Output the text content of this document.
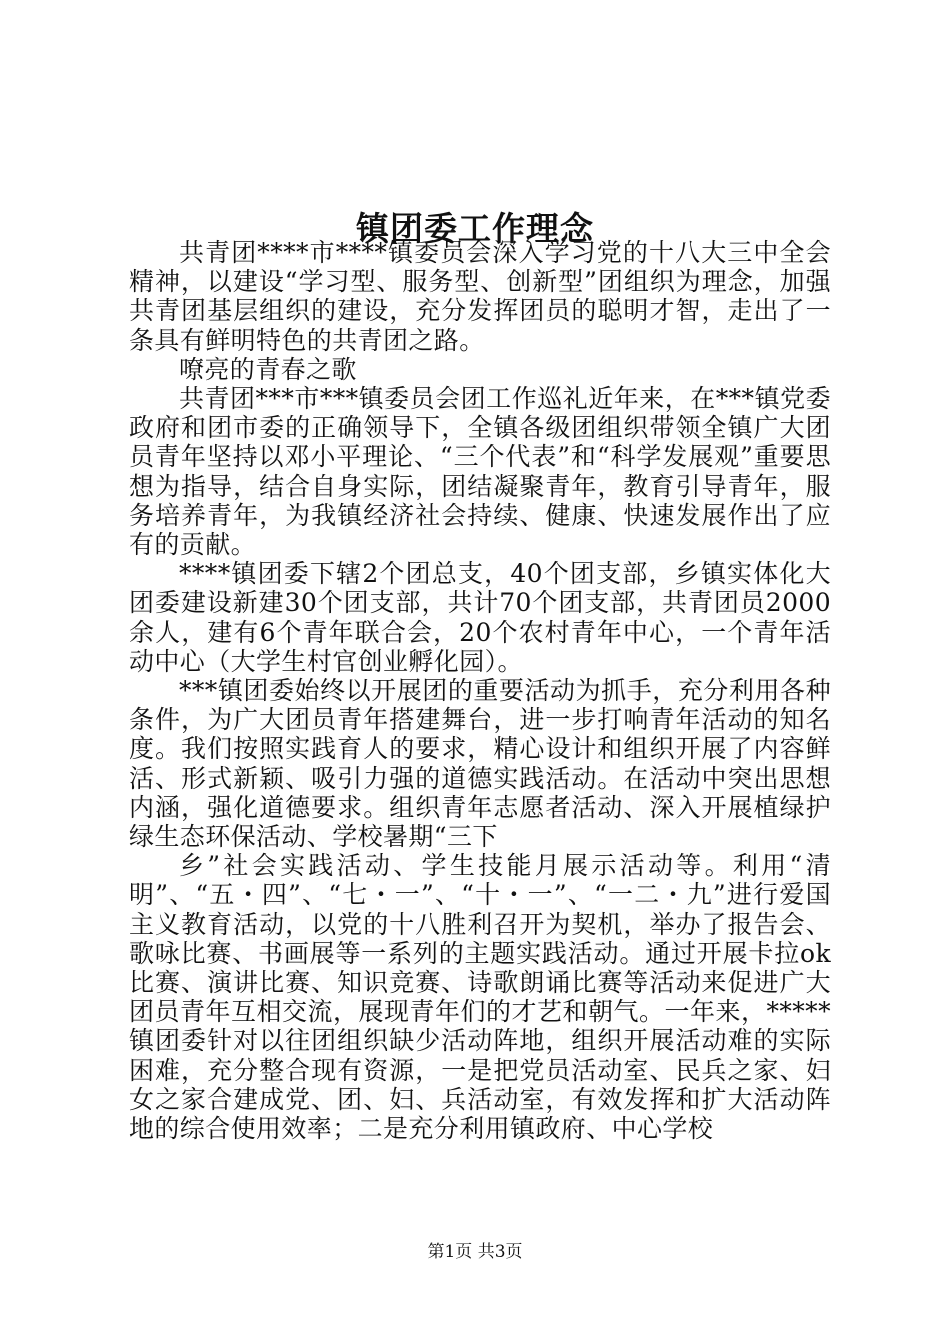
镇团委工作理念

共青团****市****镇委员会深入学习党的十八大三中全会精神，以建设“学习型、服务型、创新型”团组织为理念，加强共青团基层组织的建设，充分发挥团员的聪明才智，走出了一条具有鲜明特色的共青团之路。

嘹亮的青春之歌

共青团***市***镇委员会团工作巡礼近年来，在***镇党委政府和团市委的正确领导下，全镇各级团组织带领全镇广大团员青年坚持以邓小平理论、“三个代表”和“科学发展观”重要思想为指导，结合自身实际，团结凝聚青年，教育引导青年，服务培养青年，为我镇经济社会持续、健康、快速发展作出了应有的贡献。

****镇团委下辖2个团总支，40个团支部，乡镇实体化大团委建设新建30个团支部，共计70个团支部，共青团员2000余人，建有6个青年联合会，20个农村青年中心，一个青年活动中心（大学生村官创业孵化园）。

***镇团委始终以开展团的重要活动为抓手，充分利用各种条件，为广大团员青年搭建舞台，进一步打响青年活动的知名度。我们按照实践育人的要求，精心设计和组织开展了内容鲜活、形式新颖、吸引力强的道德实践活动。在活动中突出思想内涵，强化道德要求。组织青年志愿者活动、深入开展植绿护绿生态环保活动、学校暑期“三下

乡”社会实践活动、学生技能月展示活动等。利用“清明”、“五・四”、“七・一”、“十・一”、“一二・九”进行爱国主义教育活动，以党的十八胜利召开为契机，举办了报告会、歌咏比赛、书画展等一系列的主题实践活动。通过开展卡拉ok比赛、演讲比赛、知识竞赛、诗歌朗诵比赛等活动来促进广大团员青年互相交流，展现青年们的才艺和朝气。一年来，*****镇团委针对以往团组织缺少活动阵地，组织开展活动难的实际困难，充分整合现有资源，一是把党员活动室、民兵之家、妇女之家合建成党、团、妇、兵活动室，有效发挥和扩大活动阵地的综合使用效率；二是充分利用镇政府、中心学校

第1页 共3页
